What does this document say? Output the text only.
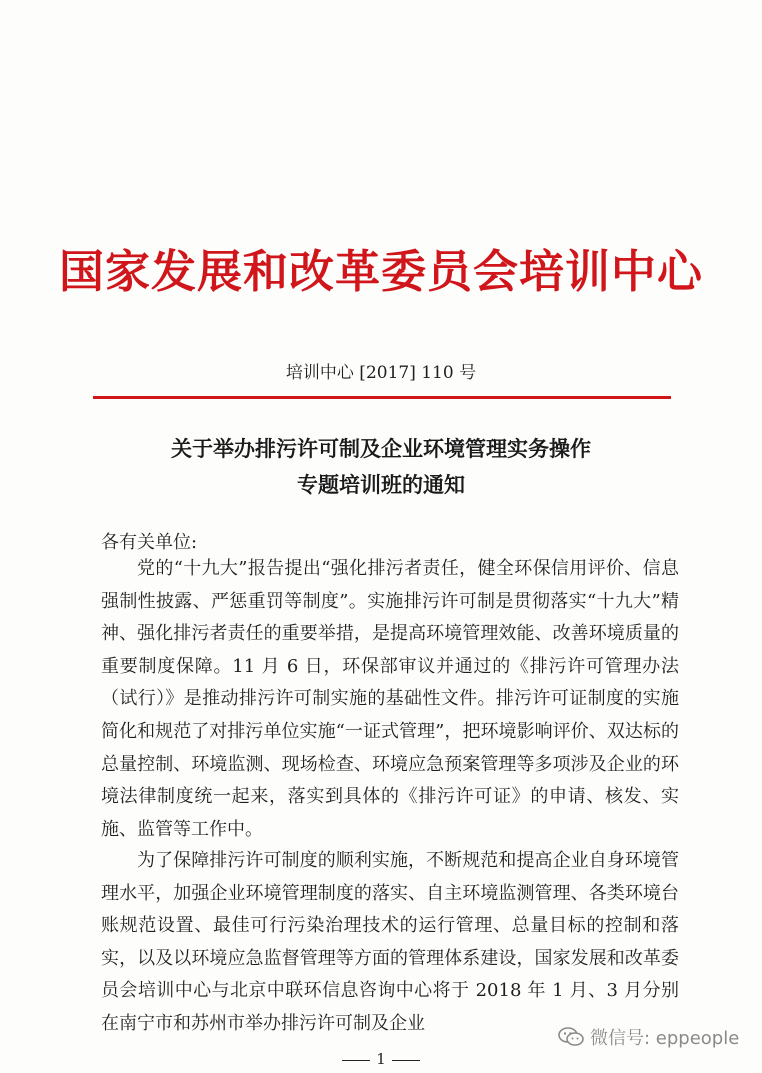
国家发展和改革委员会培训中心
培训中心 [2017] 110 号
关于举办排污许可制及企业环境管理实务操作
专题培训班的通知
各有关单位:
党的“十九大”报告提出“强化排污者责任，健全环保信用评价、信息强制性披露、严惩重罚等制度”。实施排污许可制是贯彻落实“十九大”精神、强化排污者责任的重要举措，是提高环境管理效能、改善环境质量的重要制度保障。11 月 6 日，环保部审议并通过的《排污许可管理办法（试行）》是推动排污许可制实施的基础性文件。排污许可证制度的实施简化和规范了对排污单位实施“一证式管理”，把环境影响评价、双达标的总量控制、环境监测、现场检查、环境应急预案管理等多项涉及企业的环境法律制度统一起来，落实到具体的《排污许可证》的申请、核发、实施、监管等工作中。
为了保障排污许可制度的顺利实施，不断规范和提高企业自身环境管理水平，加强企业环境管理制度的落实、自主环境监测管理、各类环境台账规范设置、最佳可行污染治理技术的运行管理、总量目标的控制和落实，以及以环境应急监督管理等方面的管理体系建设，国家发展和改革委员会培训中心与北京中联环信息咨询中心将于 2018 年 1 月、3 月分别在南宁市和苏州市举办排污许可制及企业
微信号: eppeople
1
